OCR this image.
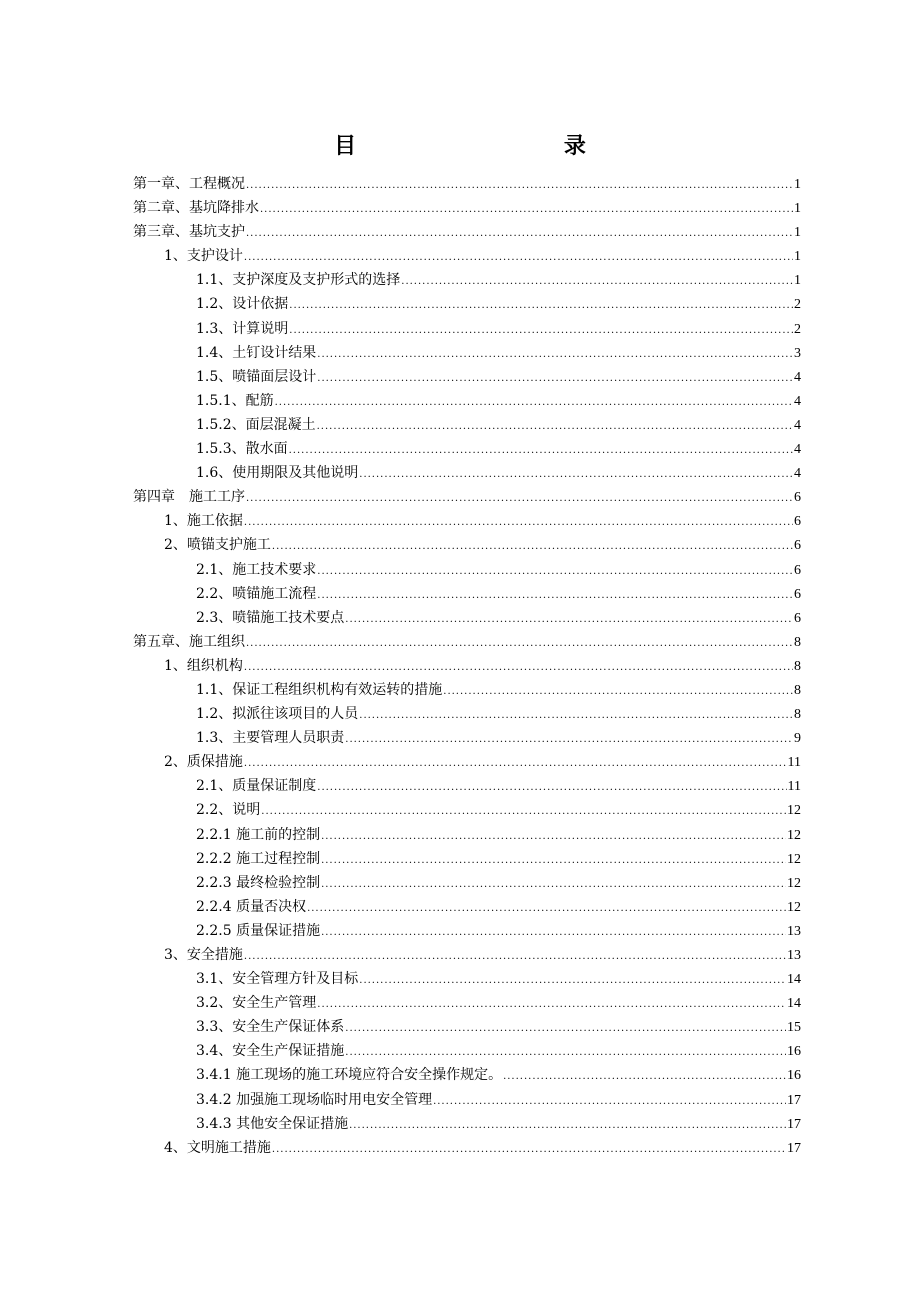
目 录
第一章、工程概况 .....	1
第二章、基坑降排水 .....	1
第三章、基坑支护 .....	1
1、支护设计 .....	1
1.1、支护深度及支护形式的选择 .....	1
1.2、设计依据 .....	2
1.3、计算说明 .....	2
1.4、土钉设计结果 .....	3
1.5、喷锚面层设计 .....	4
1.5.1、配筋 .....	4
1.5.2、面层混凝土 .....	4
1.5.3、散水面 .....	4
1.6、使用期限及其他说明 .....	4
第四章　施工工序 .....	6
1、施工依据 .....	6
2、喷锚支护施工 .....	6
2.1、施工技术要求 .....	6
2.2、喷锚施工流程 .....	6
2.3、喷锚施工技术要点 .....	6
第五章、施工组织 .....	8
1、组织机构 .....	8
1.1、保证工程组织机构有效运转的措施 .....	8
1.2、拟派往该项目的人员 .....	8
1.3、主要管理人员职责 .....	9
2、质保措施 .....	11
2.1、质量保证制度 .....	11
2.2、说明 .....	12
2.2.1 施工前的控制 .....	12
2.2.2 施工过程控制 .....	12
2.2.3 最终检验控制 .....	12
2.2.4 质量否决权 .....	12
2.2.5 质量保证措施 .....	13
3、安全措施 .....	13
3.1、安全管理方针及目标 .....	14
3.2、安全生产管理 .....	14
3.3、安全生产保证体系 .....	15
3.4、安全生产保证措施 .....	16
3.4.1 施工现场的施工环境应符合安全操作规定。 .....	16
3.4.2 加强施工现场临时用电安全管理 .....	17
3.4.3 其他安全保证措施 .....	17
4、文明施工措施 .....	17
